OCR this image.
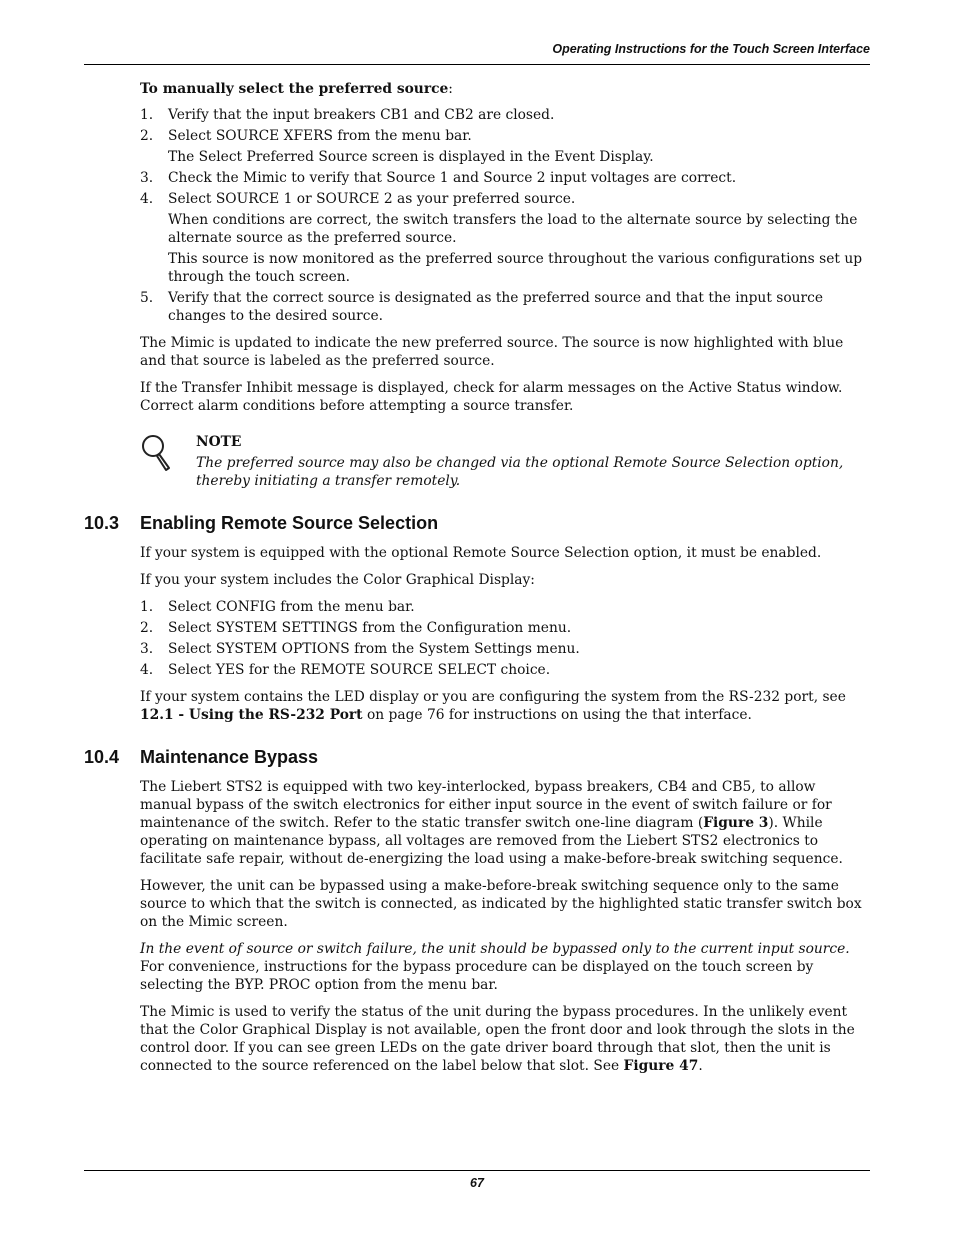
Operating Instructions for the Touch Screen Interface

To manually select the preferred source:

1. Verify that the input breakers CB1 and CB2 are closed.
2. Select SOURCE XFERS from the menu bar.
The Select Preferred Source screen is displayed in the Event Display.
3. Check the Mimic to verify that Source 1 and Source 2 input voltages are correct.
4. Select SOURCE 1 or SOURCE 2 as your preferred source.
When conditions are correct, the switch transfers the load to the alternate source by selecting the alternate source as the preferred source.
This source is now monitored as the preferred source throughout the various configurations set up through the touch screen.
5. Verify that the correct source is designated as the preferred source and that the input source changes to the desired source.

The Mimic is updated to indicate the new preferred source. The source is now highlighted with blue and that source is labeled as the preferred source.

If the Transfer Inhibit message is displayed, check for alarm messages on the Active Status window. Correct alarm conditions before attempting a source transfer.

NOTE
The preferred source may also be changed via the optional Remote Source Selection option, thereby initiating a transfer remotely.
10.3 Enabling Remote Source Selection

If your system is equipped with the optional Remote Source Selection option, it must be enabled.

If you your system includes the Color Graphical Display:

1. Select CONFIG from the menu bar.
2. Select SYSTEM SETTINGS from the Configuration menu.
3. Select SYSTEM OPTIONS from the System Settings menu.
4. Select YES for the REMOTE SOURCE SELECT choice.

If your system contains the LED display or you are configuring the system from the RS-232 port, see 12.1 - Using the RS-232 Port on page 76 for instructions on using the that interface.

10.4 Maintenance Bypass

The Liebert STS2 is equipped with two key-interlocked, bypass breakers, CB4 and CB5, to allow manual bypass of the switch electronics for either input source in the event of switch failure or for maintenance of the switch. Refer to the static transfer switch one-line diagram (Figure 3). While operating on maintenance bypass, all voltages are removed from the Liebert STS2 electronics to facilitate safe repair, without de-energizing the load using a make-before-break switching sequence.

However, the unit can be bypassed using a make-before-break switching sequence only to the same source to which that the switch is connected, as indicated by the highlighted static transfer switch box on the Mimic screen.

In the event of source or switch failure, the unit should be bypassed only to the current input source. For convenience, instructions for the bypass procedure can be displayed on the touch screen by selecting the BYP. PROC option from the menu bar.

The Mimic is used to verify the status of the unit during the bypass procedures. In the unlikely event that the Color Graphical Display is not available, open the front door and look through the slots in the control door. If you can see green LEDs on the gate driver board through that slot, then the unit is connected to the source referenced on the label below that slot. See Figure 47.

67
